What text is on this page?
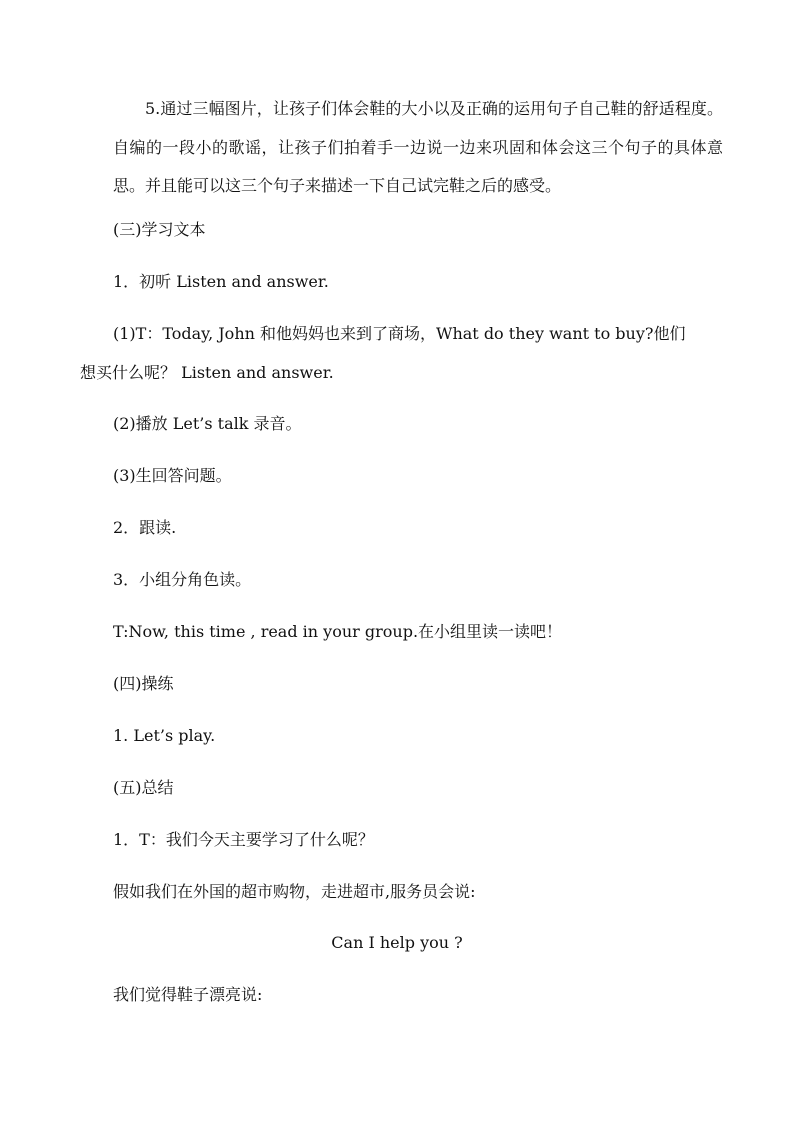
5.通过三幅图片，让孩子们体会鞋的大小以及正确的运用句子自己鞋的舒适程度。自编的一段小的歌谣，让孩子们拍着手一边说一边来巩固和体会这三个句子的具体意思。并且能可以这三个句子来描述一下自己试完鞋之后的感受。
(三)学习文本
1．初听 Listen and answer.
(1)T：Today, John 和他妈妈也来到了商场，What do they want to buy?他们
想买什么呢？ Listen and answer.
(2)播放 Let’s talk 录音。
(3)生回答问题。
2．跟读.
3．小组分角色读。
T:Now, this time , read in your group.在小组里读一读吧！
(四)操练
1. Let’s play.
(五)总结
1．T：我们今天主要学习了什么呢？
假如我们在外国的超市购物，走进超市,服务员会说:
Can I help you ?
我们觉得鞋子漂亮说:
